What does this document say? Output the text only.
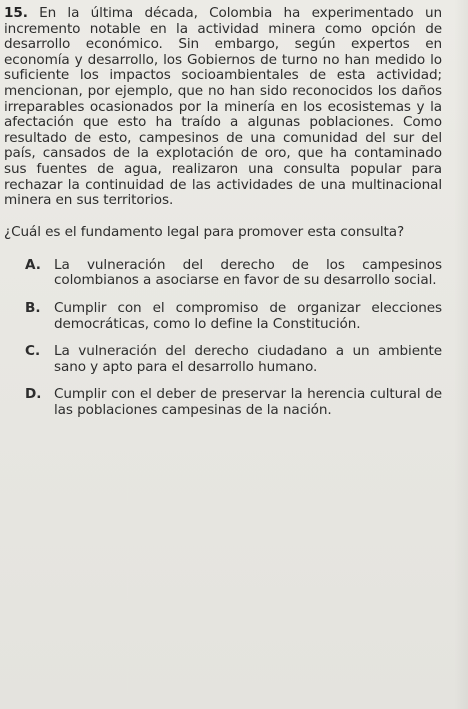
15. En la última década, Colombia ha experimentado un incremento notable en la actividad minera como opción de desarrollo económico. Sin embargo, según expertos en economía y desarrollo, los Gobiernos de turno no han medido lo suficiente los impactos socioambientales de esta actividad; mencionan, por ejemplo, que no han sido reconocidos los daños irreparables ocasionados por la minería en los ecosistemas y la afectación que esto ha traído a algunas poblaciones. Como resultado de esto, campesinos de una comunidad del sur del país, cansados de la explotación de oro, que ha contaminado sus fuentes de agua, realizaron una consulta popular para rechazar la continuidad de las actividades de una multinacional minera en sus territorios.

¿Cuál es el fundamento legal para promover esta consulta?

A. La vulneración del derecho de los campesinos colombianos a asociarse en favor de su desarrollo social.
B. Cumplir con el compromiso de organizar elecciones democráticas, como lo define la Constitución.
C.	La vulneración del derecho ciudadano a un ambiente sano y apto para el desarrollo humano.
D. Cumplir con el deber de preservar la herencia cultural de las poblaciones campesinas de la nación.
